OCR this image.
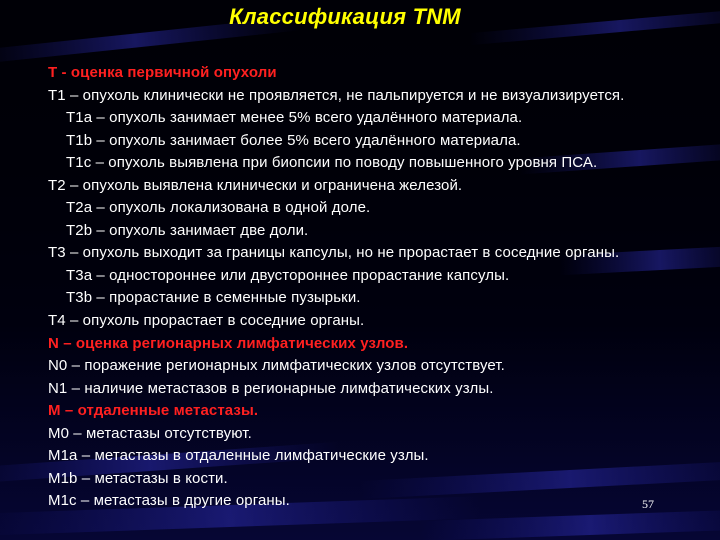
Классификация TNM
Т - оценка первичной опухоли
Т1 – опухоль клинически не проявляется, не пальпируется и не визуализируется.
Т1а – опухоль занимает менее 5% всего удалённого материала.
Т1b – опухоль занимает более 5% всего удалённого материала.
Т1с – опухоль выявлена при биопсии по поводу повышенного уровня ПСА.
Т2 – опухоль выявлена клинически и ограничена железой.
Т2а – опухоль локализована в одной доле.
Т2b – опухоль занимает две доли.
Т3 – опухоль выходит за границы капсулы, но не прорастает в соседние органы.
Т3а – одностороннее или двустороннее прорастание капсулы.
Т3b – прорастание в семенные пузырьки.
Т4 – опухоль прорастает в соседние органы.
N – оценка регионарных лимфатических узлов.
N0 – поражение регионарных лимфатических узлов отсутствует.
N1 – наличие метастазов в регионарные лимфатических узлы.
М – отдаленные метастазы.
М0 – метастазы отсутствуют.
М1а – метастазы в отдаленные лимфатические узлы.
М1b – метастазы в кости.
М1с – метастазы в другие органы.	57
